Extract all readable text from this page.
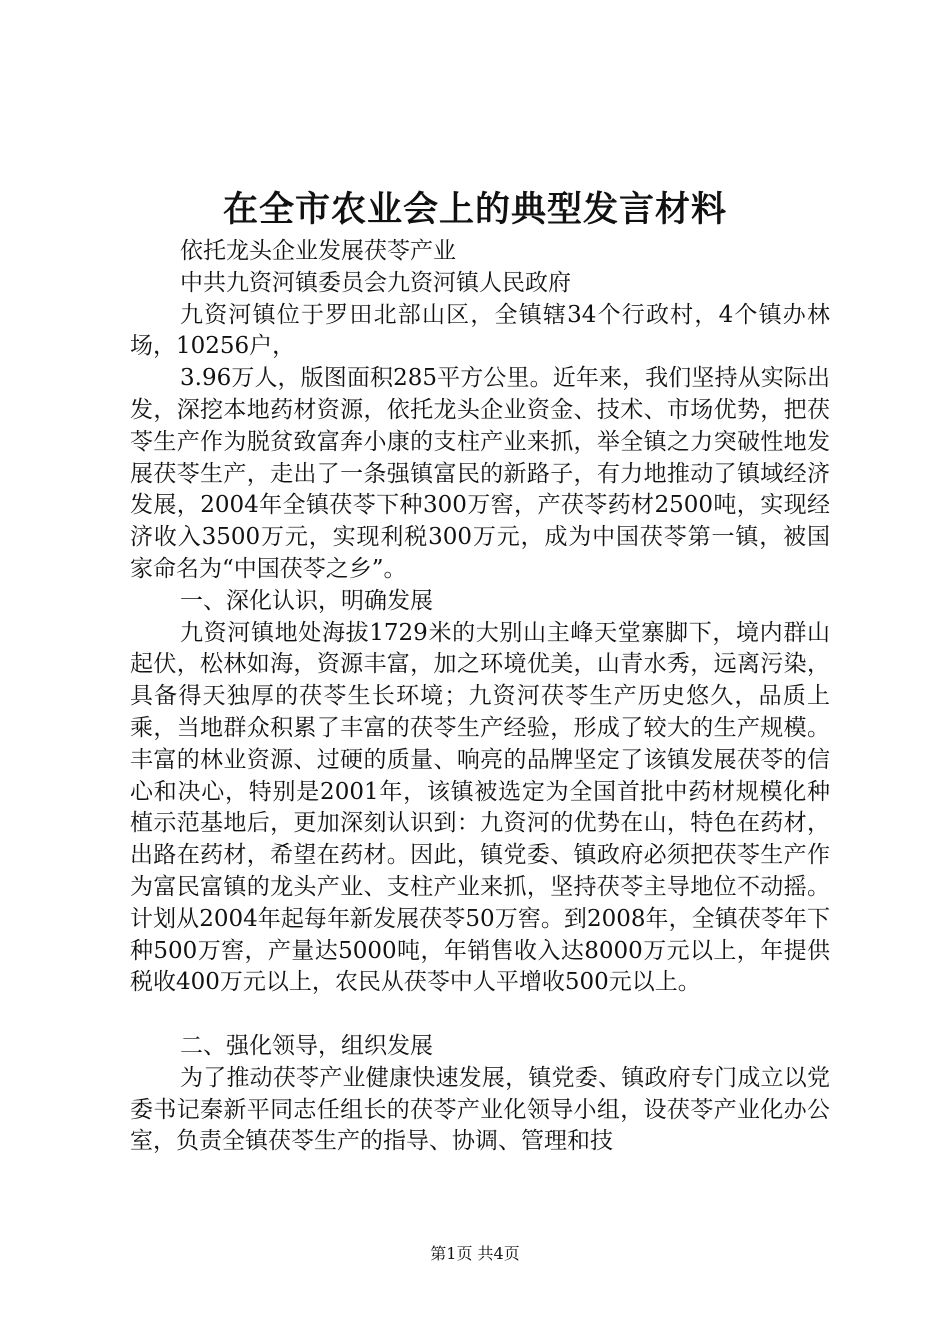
在全市农业会上的典型发言材料

依托龙头企业发展茯苓产业

中共九资河镇委员会九资河镇人民政府

九资河镇位于罗田北部山区，全镇辖34个行政村，4个镇办林场，10256户，

3.96万人，版图面积285平方公里。近年来，我们坚持从实际出发，深挖本地药材资源，依托龙头企业资金、技术、市场优势，把茯苓生产作为脱贫致富奔小康的支柱产业来抓，举全镇之力突破性地发展茯苓生产，走出了一条强镇富民的新路子，有力地推动了镇域经济发展，2004年全镇茯苓下种300万窖，产茯苓药材2500吨，实现经济收入3500万元，实现利税300万元，成为中国茯苓第一镇，被国家命名为“中国茯苓之乡”。

一、深化认识，明确发展

九资河镇地处海拔1729米的大别山主峰天堂寨脚下，境内群山起伏，松林如海，资源丰富，加之环境优美，山青水秀，远离污染，具备得天独厚的茯苓生长环境；九资河茯苓生产历史悠久，品质上乘，当地群众积累了丰富的茯苓生产经验，形成了较大的生产规模。丰富的林业资源、过硬的质量、响亮的品牌坚定了该镇发展茯苓的信心和决心，特别是2001年，该镇被选定为全国首批中药材规模化种植示范基地后，更加深刻认识到：九资河的优势在山，特色在药材，出路在药材，希望在药材。因此，镇党委、镇政府必须把茯苓生产作为富民富镇的龙头产业、支柱产业来抓，坚持茯苓主导地位不动摇。计划从2004年起每年新发展茯苓50万窖。到2008年，全镇茯苓年下种500万窖，产量达5000吨，年销售收入达8000万元以上，年提供税收400万元以上，农民从茯苓中人平增收500元以上。

二、强化领导，组织发展

为了推动茯苓产业健康快速发展，镇党委、镇政府专门成立以党委书记秦新平同志任组长的茯苓产业化领导小组，设茯苓产业化办公室，负责全镇茯苓生产的指导、协调、管理和技

第1页 共4页
